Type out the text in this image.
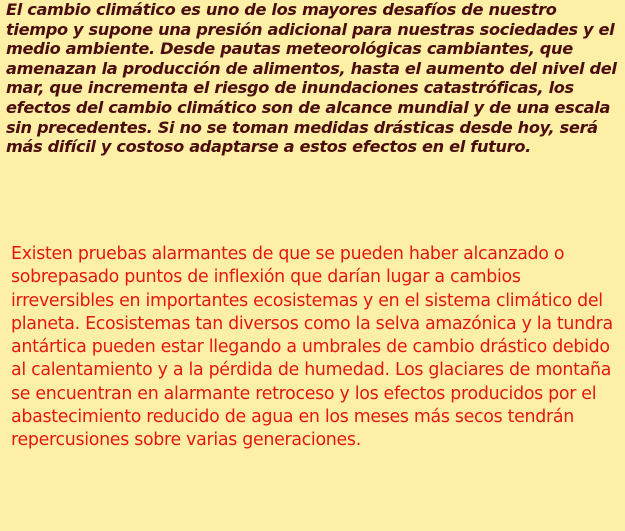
El cambio climático es uno de los mayores desafíos de nuestro tiempo y supone una presión adicional para nuestras sociedades y el medio ambiente. Desde pautas meteorológicas cambiantes, que amenazan la producción de alimentos, hasta el aumento del nivel del mar, que incrementa el riesgo de inundaciones catastróficas, los efectos del cambio climático son de alcance mundial y de una escala sin precedentes. Si no se toman medidas drásticas desde hoy, será más difícil y costoso adaptarse a estos efectos en el futuro.

Existen pruebas alarmantes de que se pueden haber alcanzado o sobrepasado puntos de inflexión que darían lugar a cambios irreversibles en importantes ecosistemas y en el sistema climático del planeta. Ecosistemas tan diversos como la selva amazónica y la tundra antártica pueden estar llegando a umbrales de cambio drástico debido al calentamiento y a la pérdida de humedad. Los glaciares de montaña se encuentran en alarmante retroceso y los efectos producidos por el abastecimiento reducido de agua en los meses más secos tendrán repercusiones sobre varias generaciones.
